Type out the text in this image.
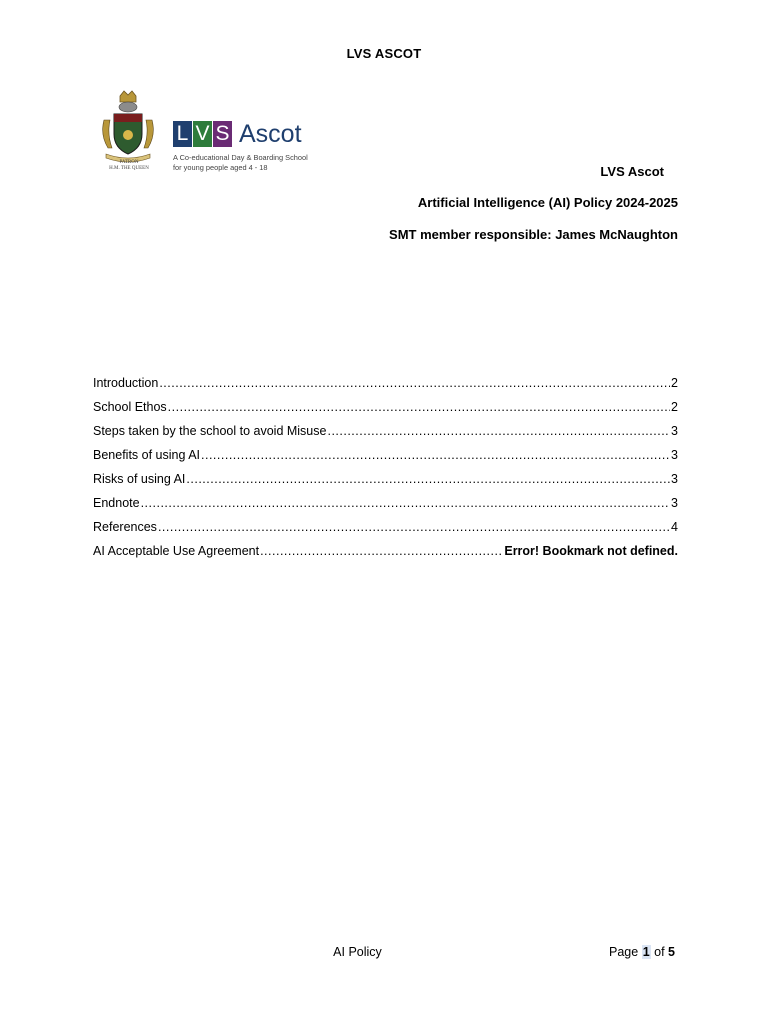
LVS ASCOT
PATRON
H.M. THE QUEEN
L V S Ascot
A Co-educational Day & Boarding School
for young people aged 4 - 18	LVS Ascot
Artificial Intelligence (AI) Policy 2024-2025
SMT member responsible: James McNaughton
Introduction .....	2
School Ethos .....	2
Steps taken by the school to avoid Misuse .....	3
Benefits of using AI .....	3
Risks of using AI .....	3
Endnote .....	3
References .....	4
AI Acceptable Use Agreement .....	Error! Bookmark not defined.
AI Policy	Page 1 of 5
